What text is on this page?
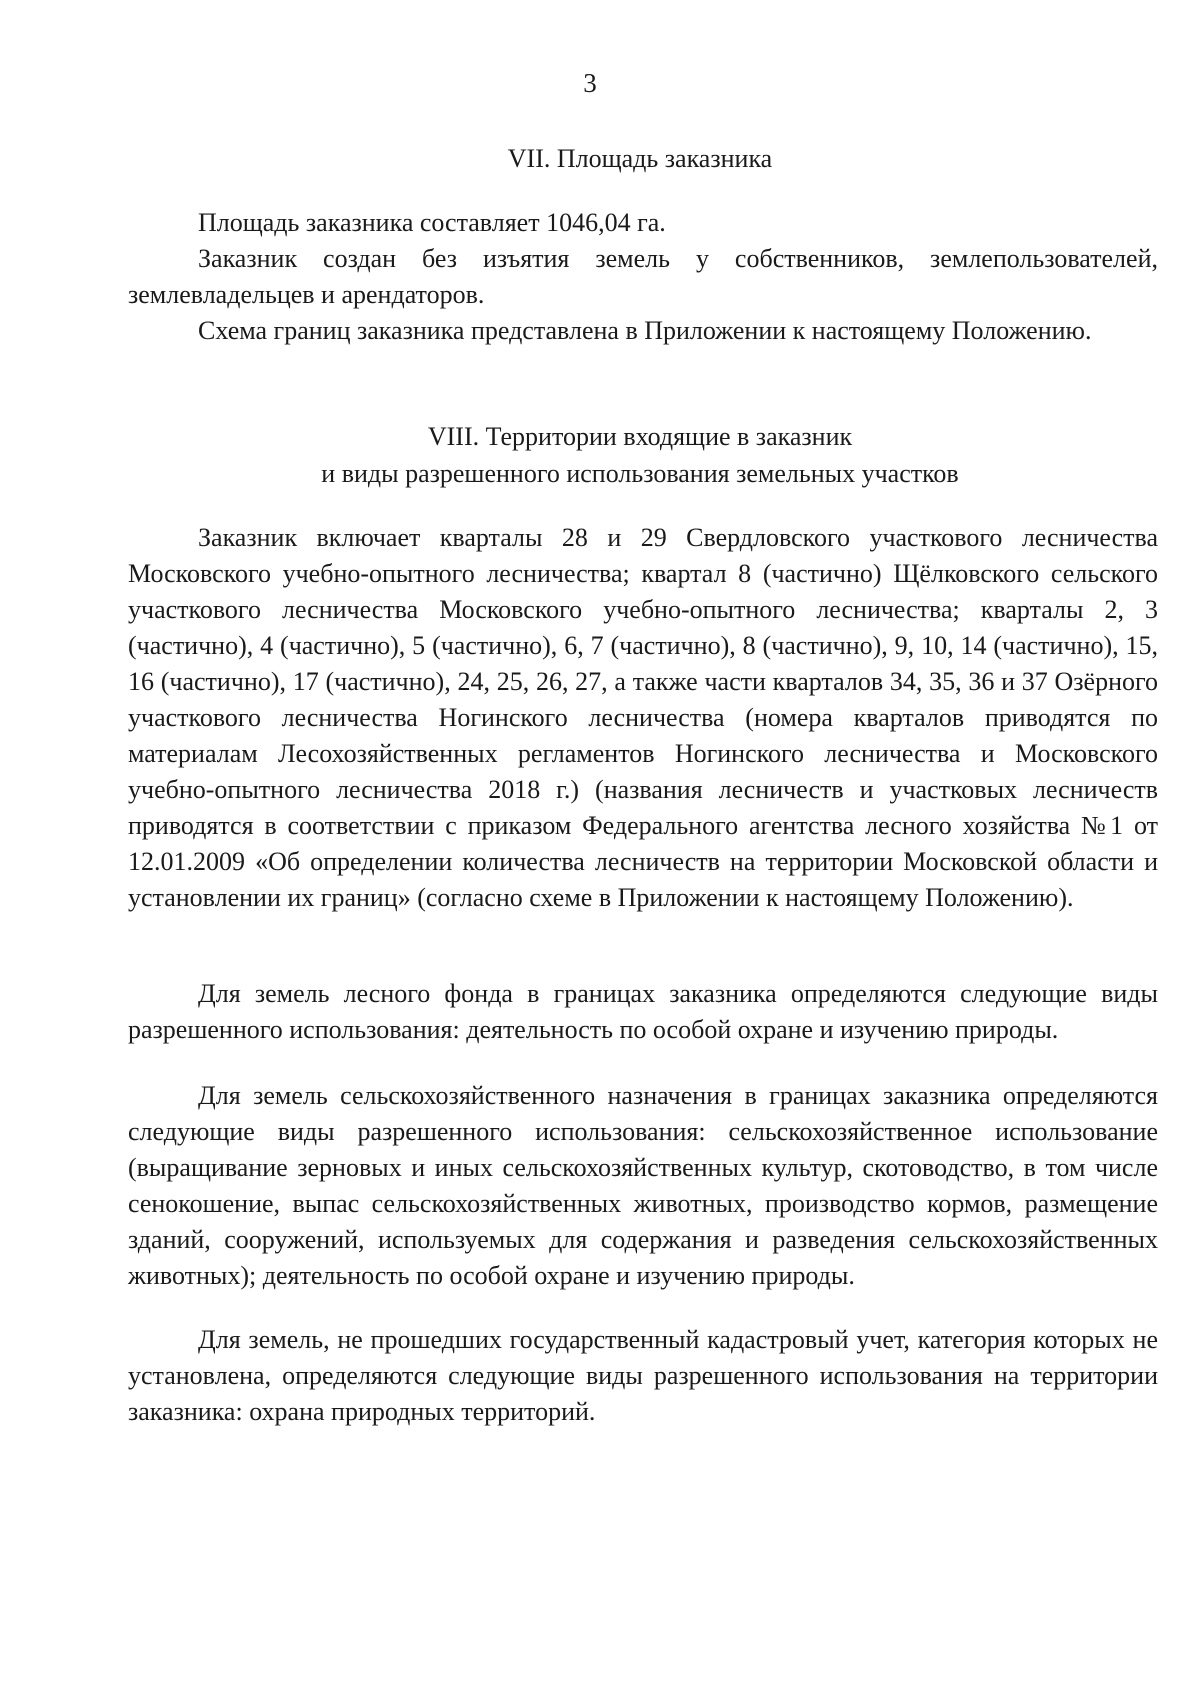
3
VII. Площадь заказника

Площадь заказника составляет 1046,04 га.

Заказник создан без изъятия земель у собственников, землепользователей, землевладельцев и арендаторов.

Схема границ заказника представлена в Приложении к настоящему Положению.

VIII. Территории входящие в заказник
и виды разрешенного использования земельных участков

Заказник включает кварталы 28 и 29 Свердловского участкового лесничества Московского учебно-опытного лесничества; квартал 8 (частично) Щёлковского сельского участкового лесничества Московского учебно-опытного лесничества; кварталы 2, 3 (частично), 4 (частично), 5 (частично), 6, 7 (частично), 8 (частично), 9, 10, 14 (частично), 15, 16 (частично), 17 (частично), 24, 25, 26, 27, а также части кварталов 34, 35, 36 и 37 Озёрного участкового лесничества Ногинского лесничества (номера кварталов приводятся по материалам Лесохозяйственных регламентов Ногинского лесничества и Московского учебно-опытного лесничества 2018 г.) (названия лесничеств и участковых лесничеств приводятся в соответствии с приказом Федерального агентства лесного хозяйства №1 от 12.01.2009 «Об определении количества лесничеств на территории Московской области и установлении их границ» (согласно схеме в Приложении к настоящему Положению).

Для земель лесного фонда в границах заказника определяются следующие виды разрешенного использования: деятельность по особой охране и изучению природы.

Для земель сельскохозяйственного назначения в границах заказника определяются следующие виды разрешенного использования: сельскохозяйственное использование (выращивание зерновых и иных сельскохозяйственных культур, скотоводство, в том числе сенокошение, выпас сельскохозяйственных животных, производство кормов, размещение зданий, сооружений, используемых для содержания и разведения сельскохозяйственных животных); деятельность по особой охране и изучению природы.

Для земель, не прошедших государственный кадастровый учет, категория которых не установлена, определяются следующие виды разрешенного использования на территории заказника: охрана природных территорий.
